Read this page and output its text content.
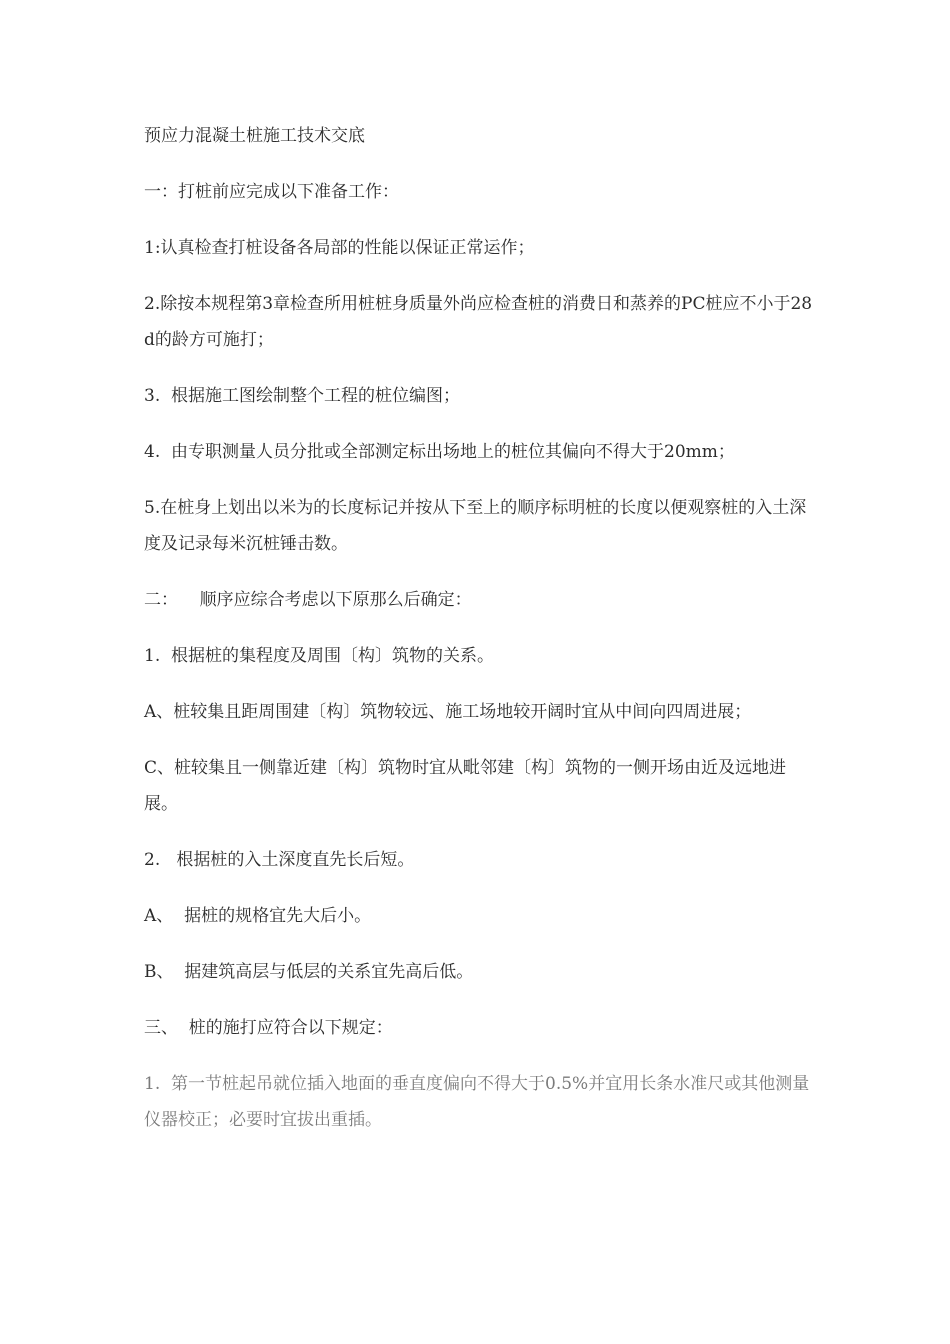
预应力混凝土桩施工技术交底

一：打桩前应完成以下准备工作：

1:认真检查打桩设备各局部的性能以保证正常运作；

2.除按本规程第3章检查所用桩桩身质量外尚应检查桩的消费日和蒸养的PC桩应不小于28d的龄方可施打；

3.  根据施工图绘制整个工程的桩位编图；

4.  由专职测量人员分批或全部测定标出场地上的桩位其偏向不得大于20mm；

5.在桩身上划出以米为的长度标记并按从下至上的顺序标明桩的长度以便观察桩的入土深度及记录每米沉桩锤击数。

二：    顺序应综合考虑以下原那么后确定：

1.  根据桩的集程度及周围〔构〕筑物的关系。

A、桩较集且距周围建〔构〕筑物较远、施工场地较开阔时宜从中间向四周进展；

C、桩较集且一侧靠近建〔构〕筑物时宜从毗邻建〔构〕筑物的一侧开场由近及远地进展。

2.   根据桩的入土深度直先长后短。

A、  据桩的规格宜先大后小。

B、  据建筑高层与低层的关系宜先高后低。

三、  桩的施打应符合以下规定：

1.  第一节桩起吊就位插入地面的垂直度偏向不得大于0.5%并宜用长条水准尺或其他测量仪器校正；必要时宜拔出重插。
